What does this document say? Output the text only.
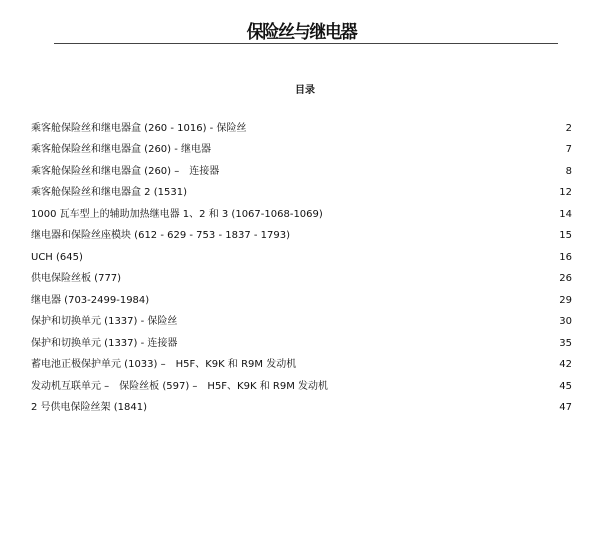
保险丝与继电器
目录
乘客舱保险丝和继电器盒 (260 - 1016) - 保险丝	2
乘客舱保险丝和继电器盒 (260) - 继电器	7
乘客舱保险丝和继电器盒 (260) –　连接器	8
乘客舱保险丝和继电器盒 2 (1531)	12
1000 瓦车型上的辅助加热继电器 1、2 和 3 (1067-1068-1069)	14
继电器和保险丝座模块 (612 - 629 - 753 - 1837 - 1793)	15
UCH (645)	16
供电保险丝板 (777)	26
继电器 (703-2499-1984)	29
保护和切换单元 (1337) - 保险丝	30
保护和切换单元 (1337) - 连接器	35
蓄电池正极保护单元 (1033) –　H5F、K9K 和 R9M 发动机	42
发动机互联单元 –　保险丝板 (597) –　H5F、K9K 和 R9M 发动机	45
2 号供电保险丝架 (1841)	47
